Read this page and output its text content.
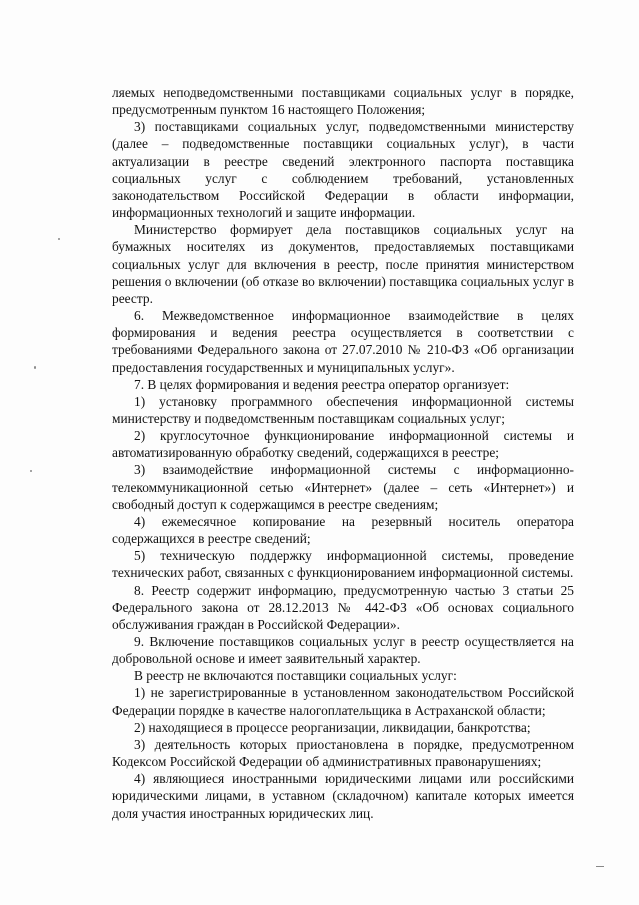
ляемых неподведомственными поставщиками социальных услуг в порядке, предусмотренным пунктом 16 настоящего Положения;

3) поставщиками социальных услуг, подведомственными министерству (далее – подведомственные поставщики социальных услуг), в части актуализации в реестре сведений электронного паспорта поставщика социальных услуг с соблюдением требований, установленных законодательством Российской Федерации в области информации, информационных технологий и защите информации.

Министерство формирует дела поставщиков социальных услуг на бумажных носителях из документов, предоставляемых поставщиками социальных услуг для включения в реестр, после принятия министерством решения о включении (об отказе во включении) поставщика социальных услуг в реестр.

6. Межведомственное информационное взаимодействие в целях формирования и ведения реестра осуществляется в соответствии с требованиями Федерального закона от 27.07.2010 № 210-ФЗ «Об организации предоставления государственных и муниципальных услуг».

7. В целях формирования и ведения реестра оператор организует:

1) установку программного обеспечения информационной системы министерству и подведомственным поставщикам социальных услуг;

2) круглосуточное функционирование информационной системы и автоматизированную обработку сведений, содержащихся в реестре;

3) взаимодействие информационной системы с информационно-телекоммуникационной сетью «Интернет» (далее – сеть «Интернет») и свободный доступ к содержащимся в реестре сведениям;

4) ежемесячное копирование на резервный носитель оператора содержащихся в реестре сведений;

5) техническую поддержку информационной системы, проведение технических работ, связанных с функционированием информационной системы.

8. Реестр содержит информацию, предусмотренную частью 3 статьи 25 Федерального закона от 28.12.2013 № 442-ФЗ «Об основах социального обслуживания граждан в Российской Федерации».

9. Включение поставщиков социальных услуг в реестр осуществляется на добровольной основе и имеет заявительный характер.

В реестр не включаются поставщики социальных услуг:

1) не зарегистрированные в установленном законодательством Российской Федерации порядке в качестве налогоплательщика в Астраханской области;

2) находящиеся в процессе реорганизации, ликвидации, банкротства;

3) деятельность которых приостановлена в порядке, предусмотренном Кодексом Российской Федерации об административных правонарушениях;

4) являющиеся иностранными юридическими лицами или российскими юридическими лицами, в уставном (складочном) капитале которых имеется доля участия иностранных юридических лиц.
